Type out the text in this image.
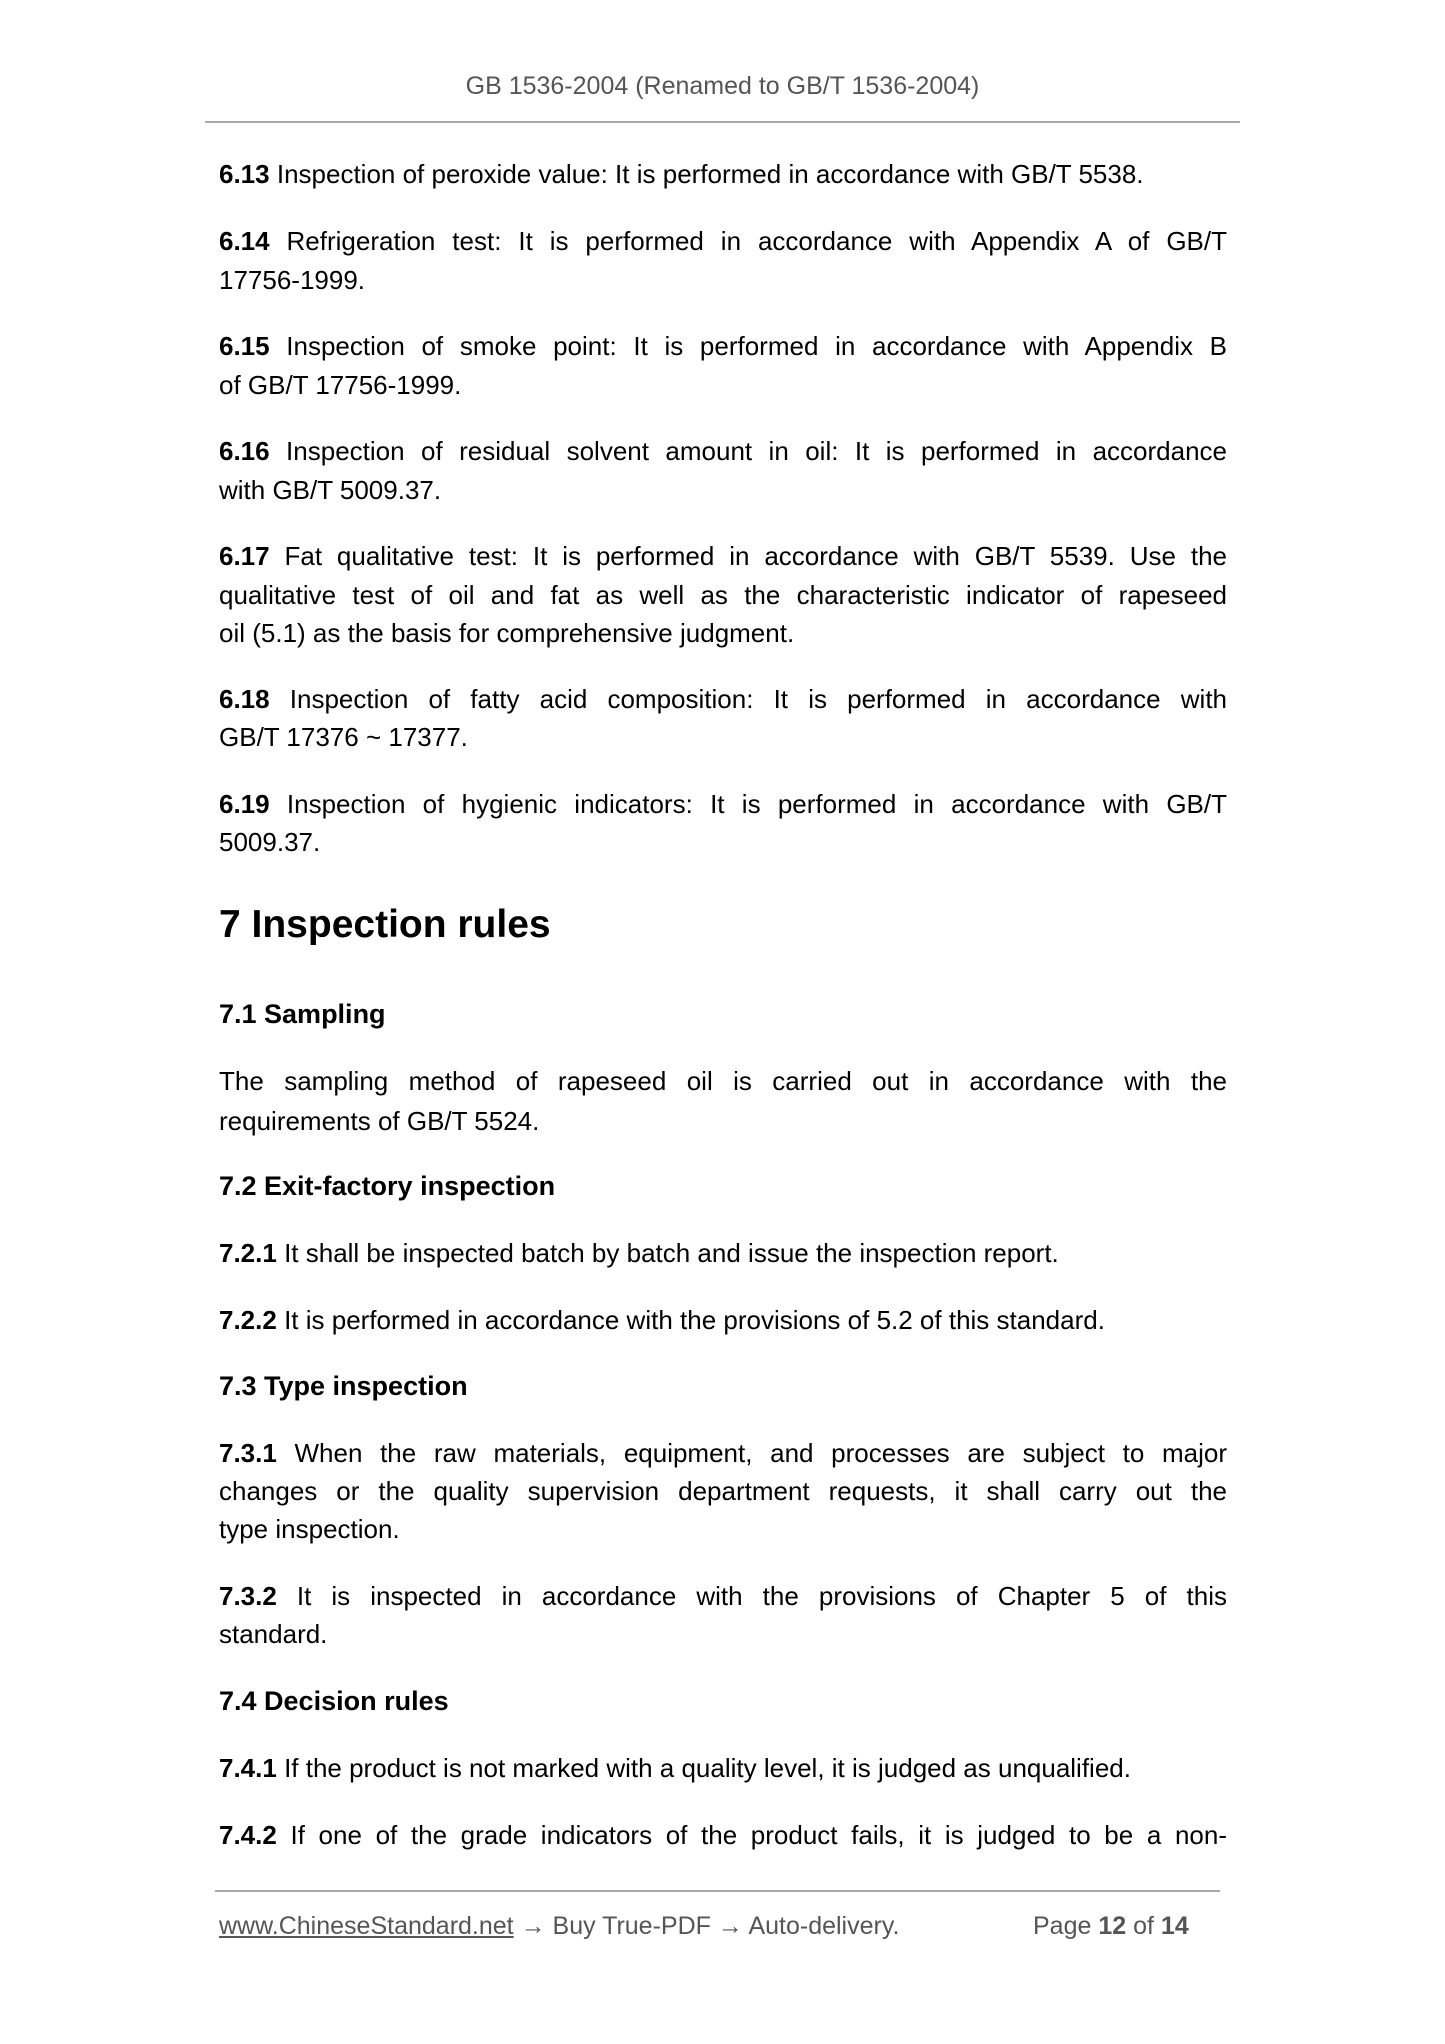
GB 1536-2004 (Renamed to GB/T 1536-2004)
6.13 Inspection of peroxide value: It is performed in accordance with GB/T 5538.
6.14 Refrigeration test: It is performed in accordance with Appendix A of GB/T
17756-1999.
6.15 Inspection of smoke point: It is performed in accordance with Appendix B
of GB/T 17756-1999.
6.16 Inspection of residual solvent amount in oil: It is performed in accordance
with GB/T 5009.37.
6.17 Fat qualitative test: It is performed in accordance with GB/T 5539. Use the
qualitative test of oil and fat as well as the characteristic indicator of rapeseed
oil (5.1) as the basis for comprehensive judgment.
6.18 Inspection of fatty acid composition: It is performed in accordance with
GB/T 17376 ~ 17377.
6.19 Inspection of hygienic indicators: It is performed in accordance with GB/T
5009.37.
7 Inspection rules
7.1 Sampling
The sampling method of rapeseed oil is carried out in accordance with the
requirements of GB/T 5524.
7.2 Exit-factory inspection
7.2.1 It shall be inspected batch by batch and issue the inspection report.
7.2.2 It is performed in accordance with the provisions of 5.2 of this standard.
7.3 Type inspection
7.3.1 When the raw materials, equipment, and processes are subject to major
changes or the quality supervision department requests, it shall carry out the
type inspection.
7.3.2 It is inspected in accordance with the provisions of Chapter 5 of this
standard.
7.4 Decision rules
7.4.1 If the product is not marked with a quality level, it is judged as unqualified.
7.4.2 If one of the grade indicators of the product fails, it is judged to be a non-
www.ChineseStandard.net → Buy True-PDF → Auto-delivery.	Page 12 of 14
